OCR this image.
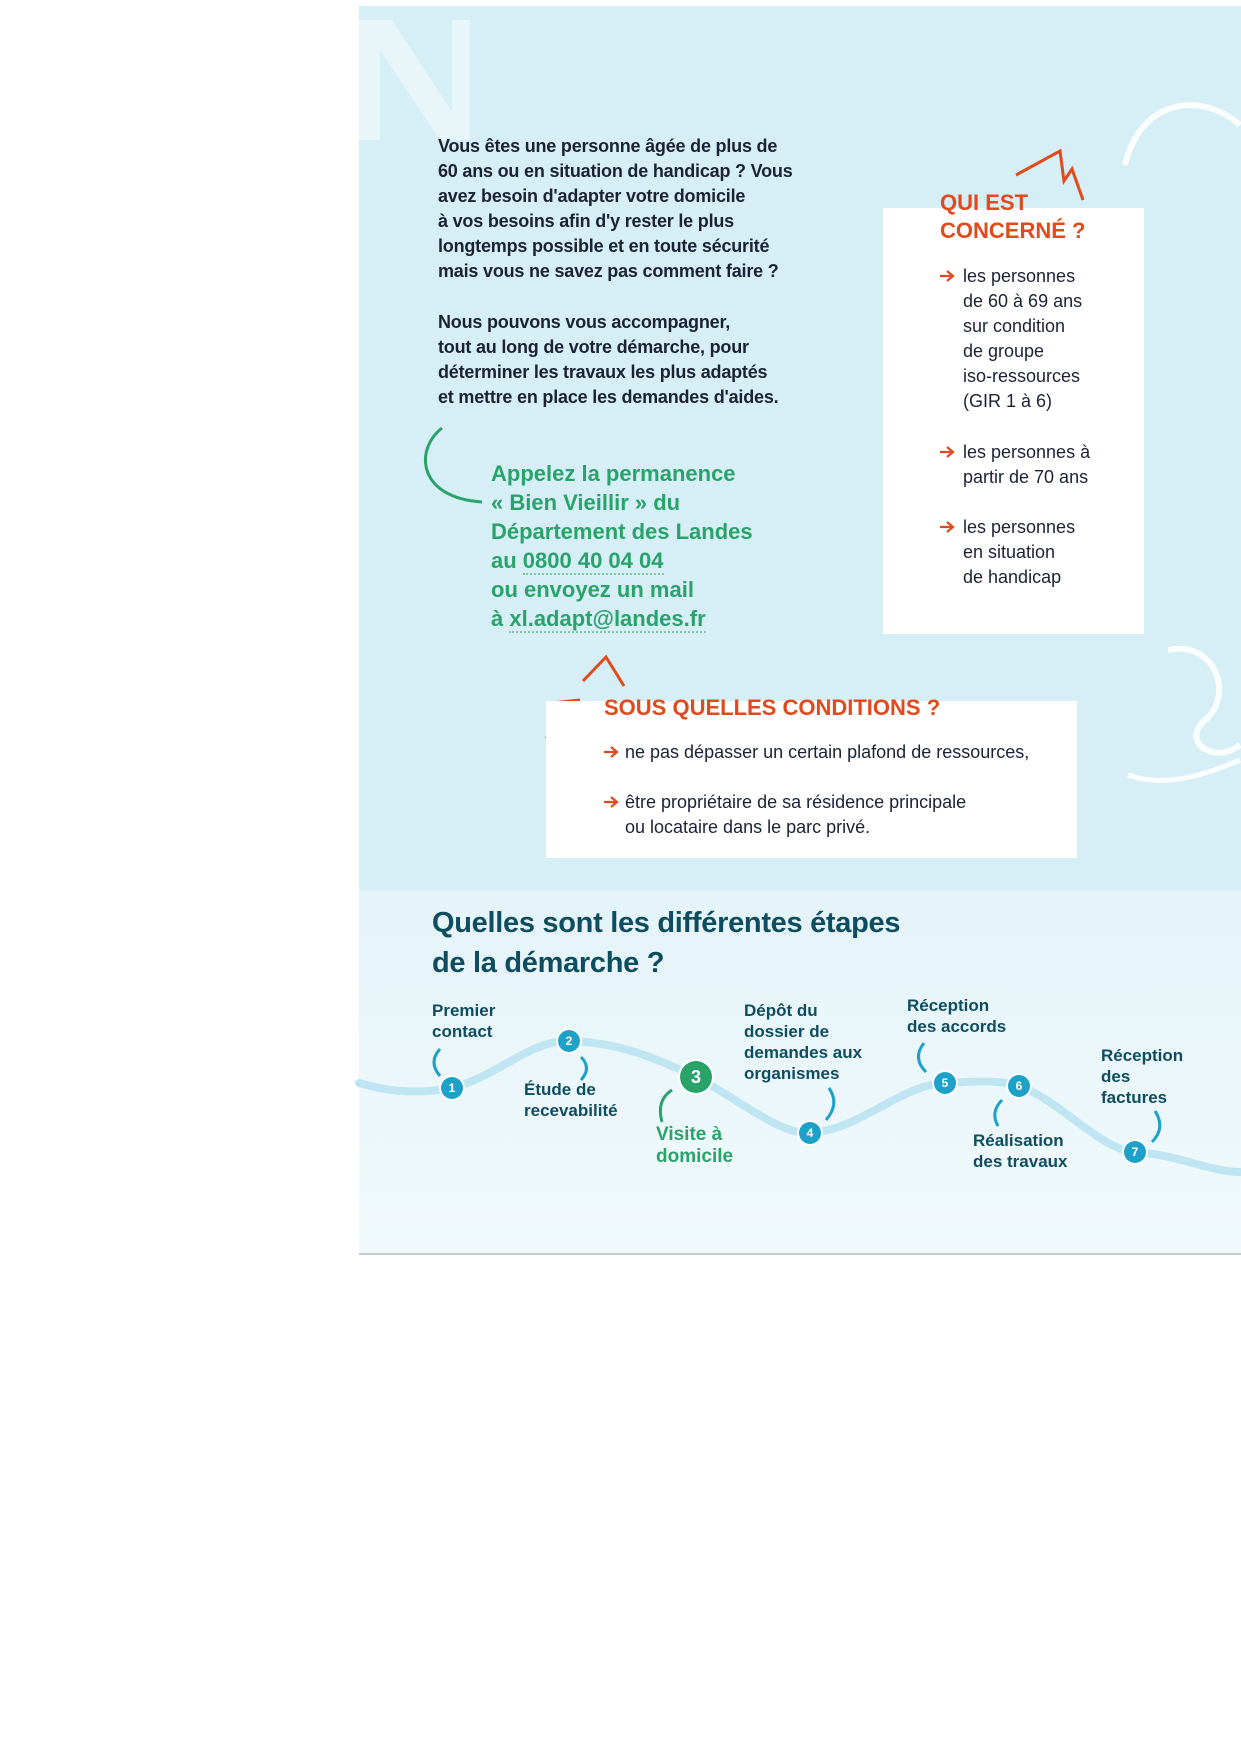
Vous êtes une personne âgée de plus de
60 ans ou en situation de handicap ? Vous
avez besoin d'adapter votre domicile
à vos besoins afin d'y rester le plus
longtemps possible et en toute sécurité
mais vous ne savez pas comment faire ?
Nous pouvons vous accompagner,
tout au long de votre démarche, pour
déterminer les travaux les plus adaptés
et mettre en place les demandes d'aides.
Appelez la permanence
« Bien Vieillir » du
Département des Landes
au 0800 40 04 04
ou envoyez un mail
à xl.adapt@landes.fr
QUI EST
CONCERNÉ ?
les personnes
de 60 à 69 ans
sur condition
de groupe
iso-ressources
(GIR 1 à 6)
les personnes à
partir de 70 ans
les personnes
en situation
de handicap
SOUS QUELLES CONDITIONS ?
ne pas dépasser un certain plafond de ressources,
être propriétaire de sa résidence principale
ou locataire dans le parc privé.
Quelles sont les différentes étapes
de la démarche ?
1
2
3
4
5	6
7
Premier
contact
Étude de
recevabilité
Visite à
domicile
Dépôt du
dossier de
demandes aux
organismes
Réception
des accords
Réalisation
des travaux
Réception
des
factures
